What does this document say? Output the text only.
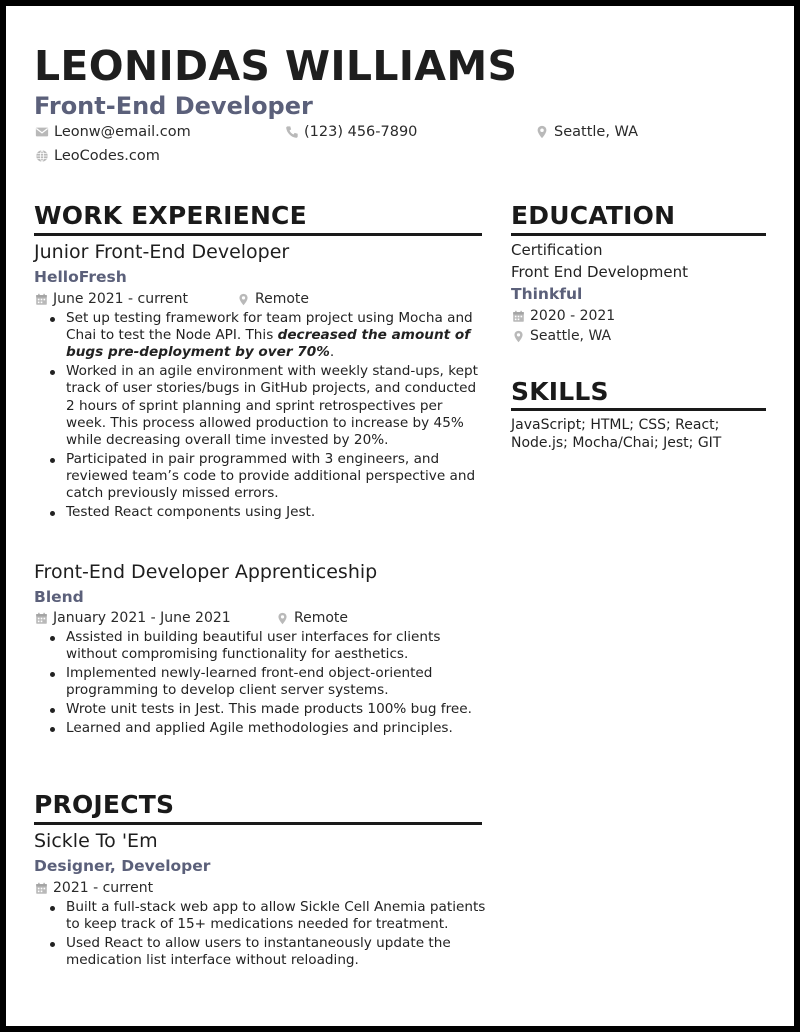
LEONIDAS WILLIAMS
Front-End Developer
Leonw@email.com	(123) 456-7890	Seattle, WA
LeoCodes.com
WORK EXPERIENCE
Junior Front-End Developer
HelloFresh
June 2021 - current	Remote
Set up testing framework for team project using Mocha and Chai to test the Node API. This decreased the amount of bugs pre-deployment by over 70%.
Worked in an agile environment with weekly stand-ups, kept track of user stories/bugs in GitHub projects, and conducted 2 hours of sprint planning and sprint retrospectives per week. This process allowed production to increase by 45% while decreasing overall time invested by 20%.
Participated in pair programmed with 3 engineers, and reviewed team’s code to provide additional perspective and catch previously missed errors.
Tested React components using Jest.
Front-End Developer Apprenticeship
Blend
January 2021 - June 2021	Remote
Assisted in building beautiful user interfaces for clients without compromising functionality for aesthetics.
Implemented newly-learned front-end object-oriented programming to develop client server systems.
Wrote unit tests in Jest. This made products 100% bug free.
Learned and applied Agile methodologies and principles.
PROJECTS
Sickle To 'Em
Designer, Developer
2021 - current
Built a full-stack web app to allow Sickle Cell Anemia patients to keep track of 15+ medications needed for treatment.
Used React to allow users to instantaneously update the medication list interface without reloading.
EDUCATION
Certification
Front End Development
Thinkful
2020 - 2021
Seattle, WA
SKILLS
JavaScript; HTML; CSS; React; Node.js; Mocha/Chai; Jest; GIT
